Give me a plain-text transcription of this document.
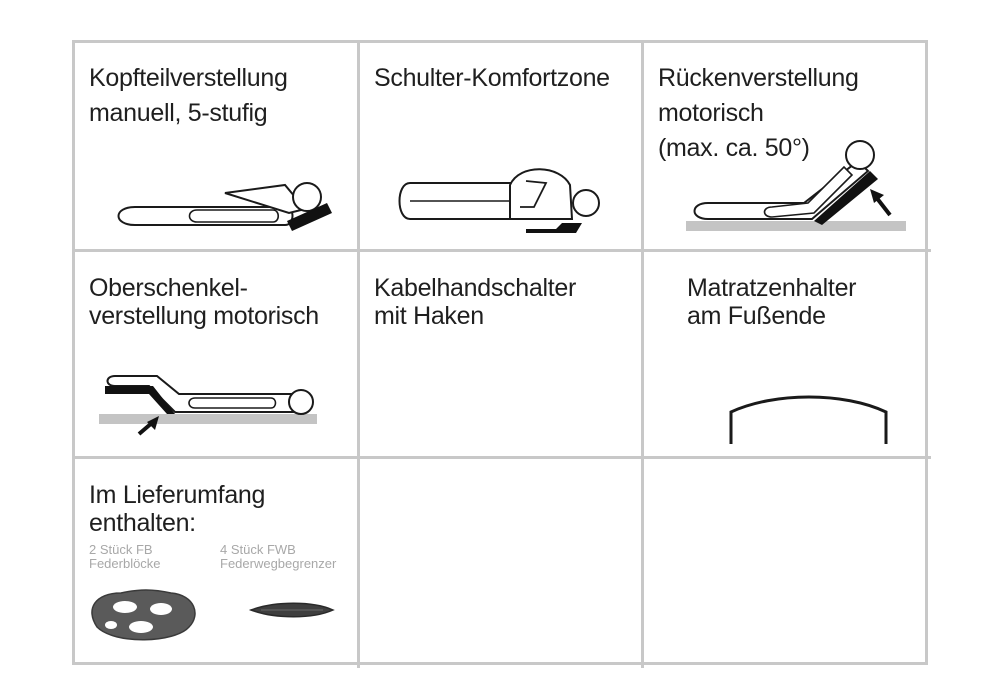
Kopfteilverstellung
manuell, 5-stufig

Schulter-Komfortzone Rückenverstellung
motorisch
(max. ca. 50°)

Oberschenkel-
verstellung motorisch

Kabelhandschalter
mit Haken

Matratzenhalter
am Fußende

Im Lieferumfang
enthalten:

2 Stück FB
Federblöcke
4 Stück FWB
Federwegbegrenzer
